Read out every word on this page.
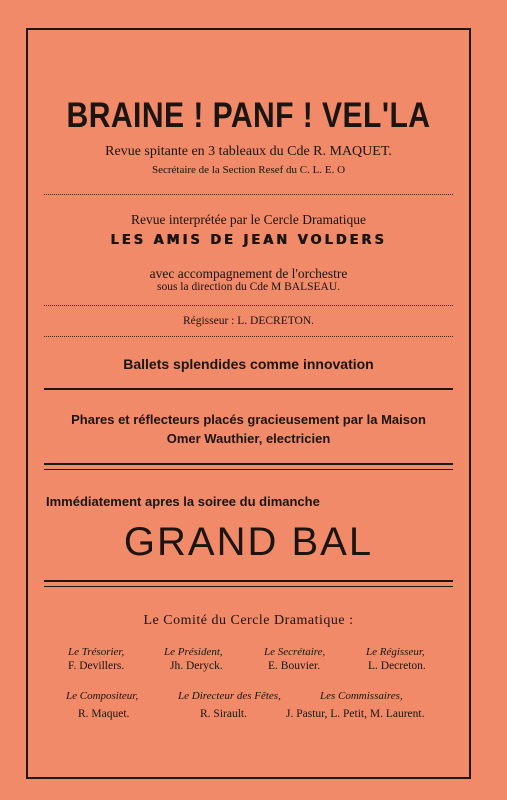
BRAINE ! PANF ! VEL'LA
Revue spitante en 3 tableaux du Cde R. MAQUET.
Secrétaire de la Section Resef du C. L. E. O
Revue interprétée par le Cercle Dramatique
LES AMIS DE JEAN VOLDERS
avec accompagnement de l'orchestre
sous la direction du Cde M BALSEAU.
Régisseur : L. DECRETON.
Ballets splendides comme innovation
Phares et réflecteurs placés gracieusement par la Maison
Omer Wauthier, electricien
Immédiatement apres la soiree du dimanche
GRAND BAL
Le Comité du Cercle Dramatique :
Le Trésorier,
F. Devillers.
Le Président,
Jh. Deryck.
Le Secrétaire,
E. Bouvier.
Le Régisseur,
L. Decreton.
Le Compositeur,
R. Maquet.
Le Directeur des Fêtes,
R. Sirault.
Les Commissaires,
J. Pastur, L. Petit, M. Laurent.
